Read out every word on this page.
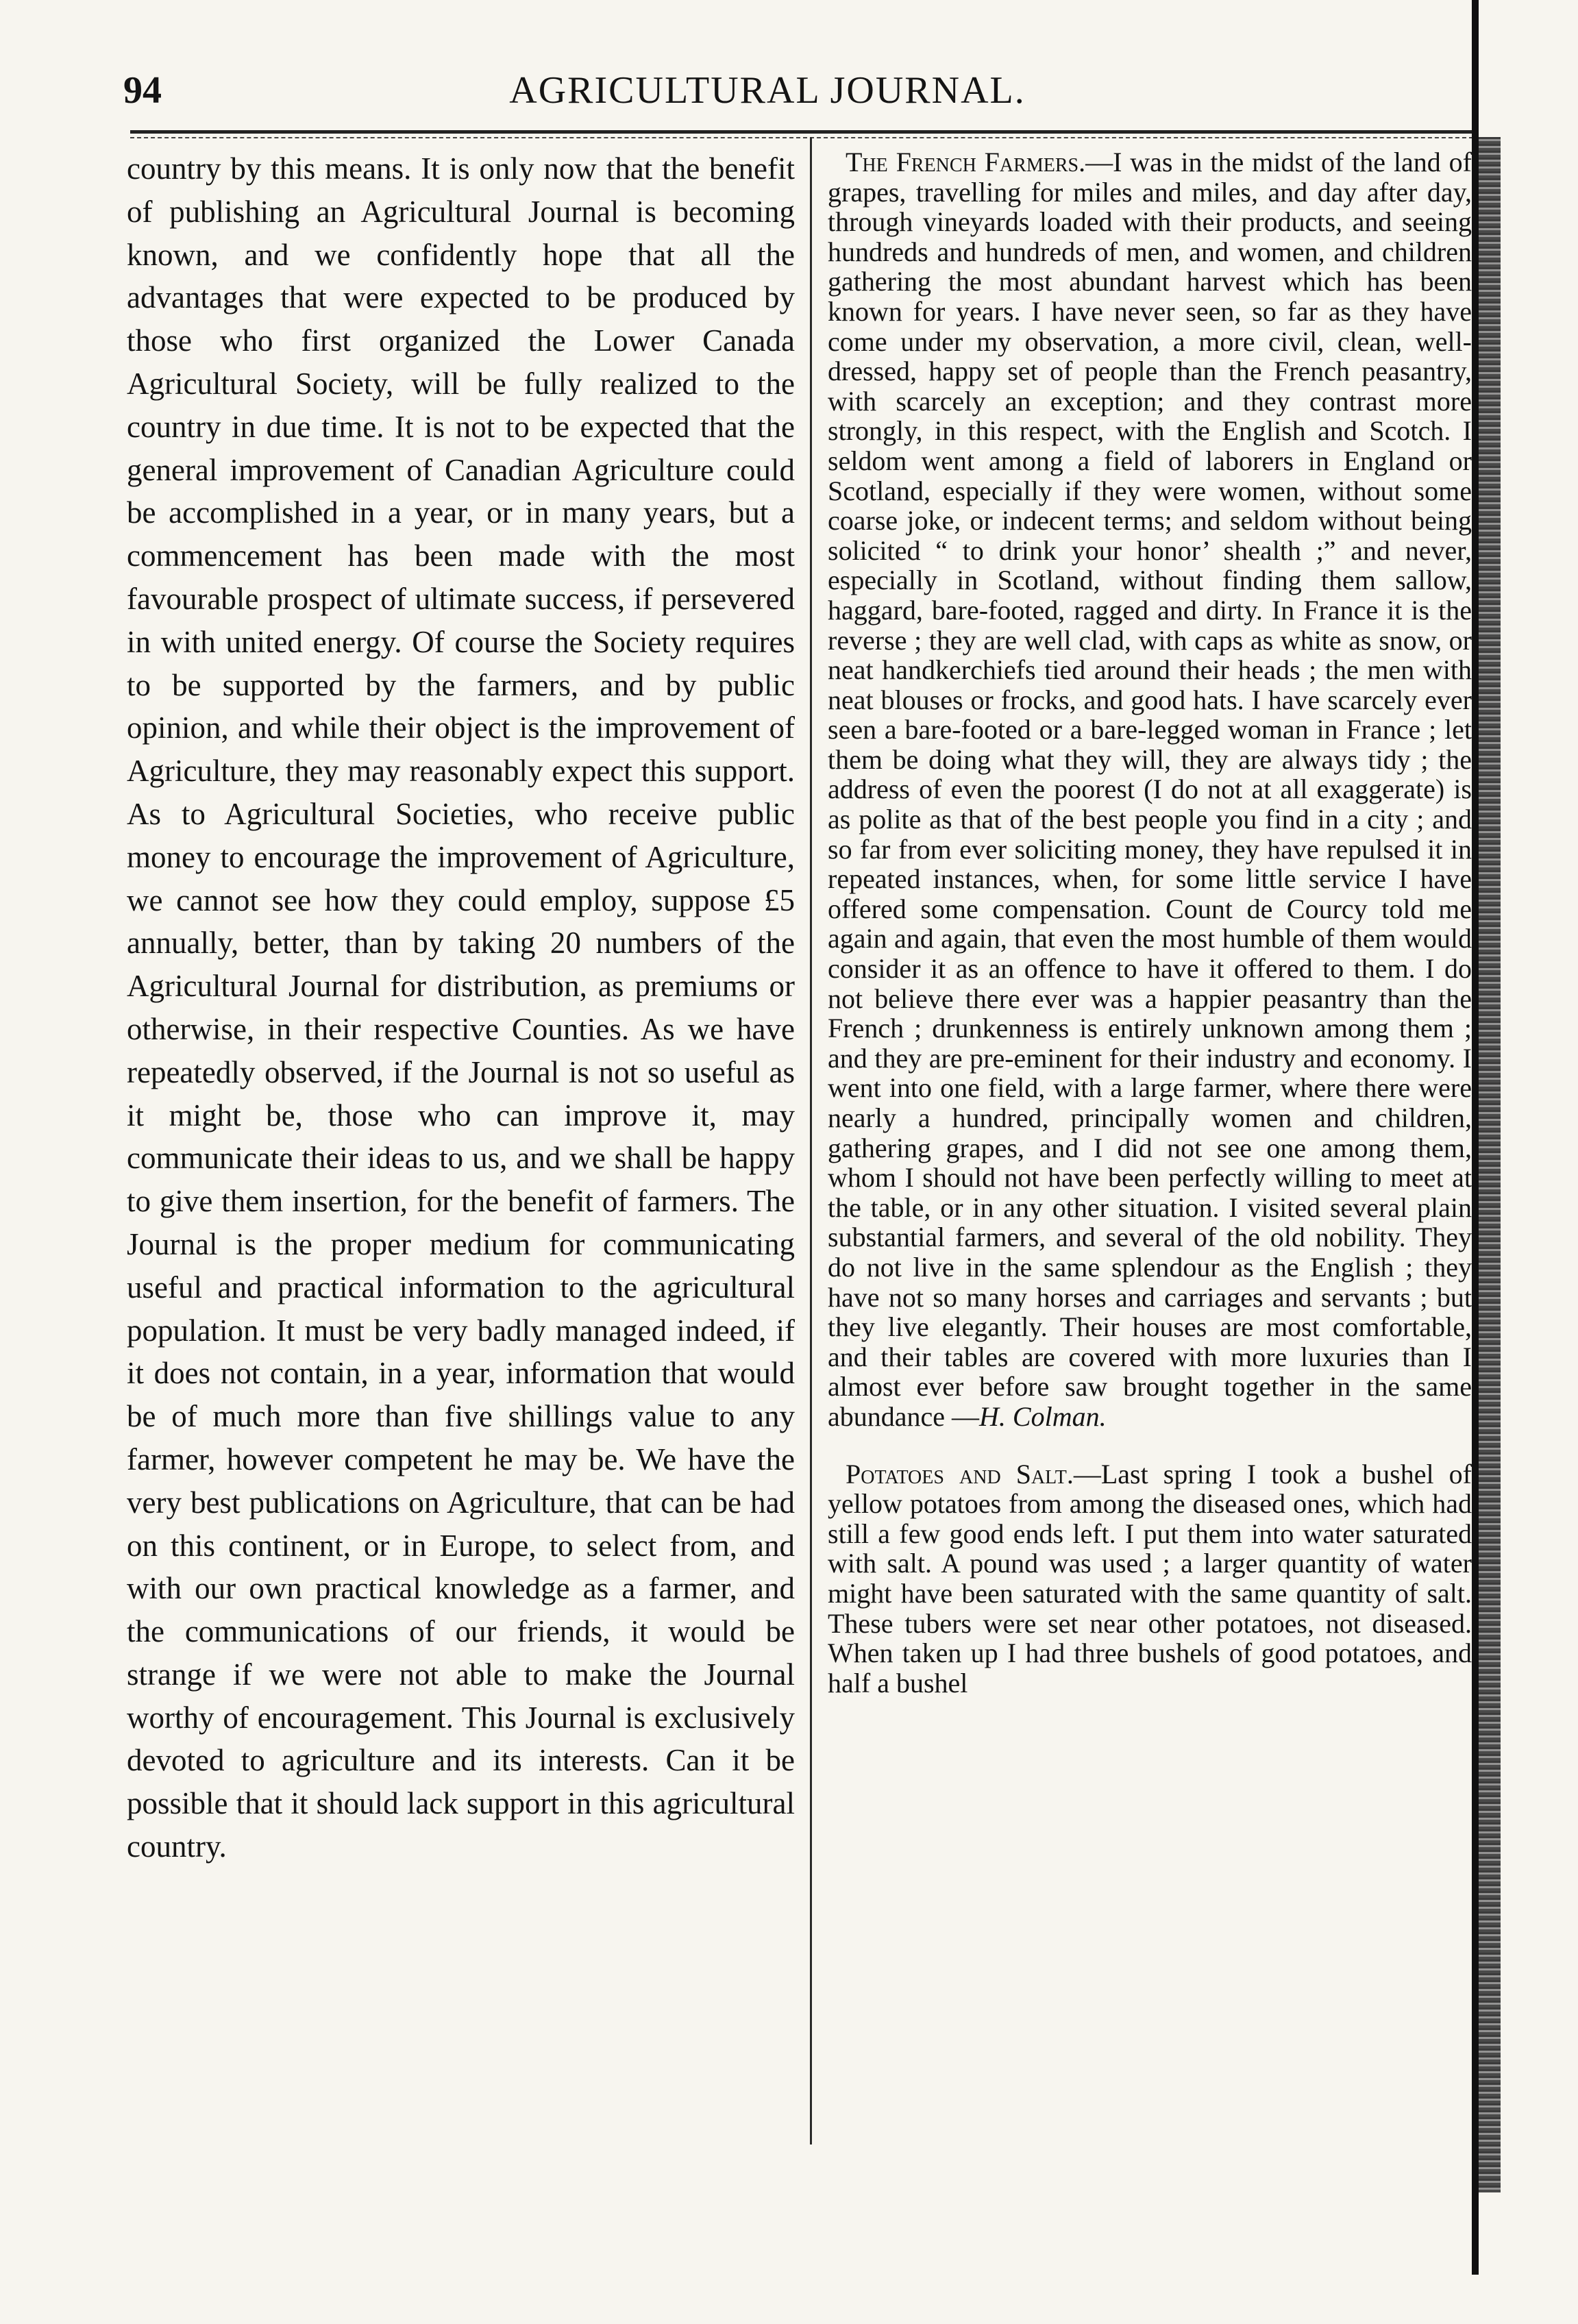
94	AGRICULTURAL JOURNAL.

country by this means. It is only now that the benefit of publishing an Agricultural Journal is becoming known, and we confidently hope that all the advantages that were expected to be produced by those who first organized the Lower Canada Agricultural Society, will be fully realized to the country in due time. It is not to be expected that the general improvement of Canadian Agriculture could be accomplished in a year, or in many years, but a commencement has been made with the most favourable prospect of ultimate success, if persevered in with united energy. Of course the Society requires to be supported by the farmers, and by public opinion, and while their object is the improvement of Agriculture, they may reasonably expect this support. As to Agricultural Societies, who receive public money to encourage the improvement of Agriculture, we cannot see how they could employ, suppose £5 annually, better, than by taking 20 numbers of the Agricultural Journal for distribution, as premiums or otherwise, in their respective Counties. As we have repeatedly observed, if the Journal is not so useful as it might be, those who can improve it, may communicate their ideas to us, and we shall be happy to give them insertion, for the benefit of farmers. The Journal is the proper medium for communicating useful and practical information to the agricultural population. It must be very badly managed indeed, if it does not contain, in a year, information that would be of much more than five shillings value to any farmer, however competent he may be. We have the very best publications on Agriculture, that can be had on this continent, or in Europe, to select from, and with our own practical knowledge as a farmer, and the communications of our friends, it would be strange if we were not able to make the Journal worthy of encouragement. This Journal is exclusively devoted to agriculture and its interests. Can it be possible that it should lack support in this agricultural country.

The French Farmers.—I was in the midst of the land of grapes, travelling for miles and miles, and day after day, through vineyards loaded with their products, and seeing hundreds and hundreds of men, and women, and children gathering the most abundant harvest which has been known for years. I have never seen, so far as they have come under my observation, a more civil, clean, well-dressed, happy set of people than the French peasantry, with scarcely an exception; and they contrast more strongly, in this respect, with the English and Scotch. I seldom went among a field of laborers in England or Scotland, especially if they were women, without some coarse joke, or indecent terms; and seldom without being solicited “ to drink your honor’ shealth ;” and never, especially in Scotland, without finding them sallow, haggard, bare-footed, ragged and dirty. In France it is the reverse ; they are well clad, with caps as white as snow, or neat handkerchiefs tied around their heads ; the men with neat blouses or frocks, and good hats. I have scarcely ever seen a bare-footed or a bare-legged woman in France ; let them be doing what they will, they are always tidy ; the address of even the poorest (I do not at all exaggerate) is as polite as that of the best people you find in a city ; and so far from ever soliciting money, they have repulsed it in repeated instances, when, for some little service I have offered some compensation. Count de Courcy told me again and again, that even the most humble of them would consider it as an offence to have it offered to them. I do not believe there ever was a happier peasantry than the French ; drunkenness is entirely unknown among them ; and they are pre-eminent for their industry and economy. I went into one field, with a large farmer, where there were nearly a hundred, principally women and children, gathering grapes, and I did not see one among them, whom I should not have been perfectly willing to meet at the table, or in any other situation. I visited several plain substantial farmers, and several of the old nobility. They do not live in the same splendour as the English ; they have not so many horses and carriages and servants ; but they live elegantly. Their houses are most comfortable, and their tables are covered with more luxuries than I almost ever before saw brought together in the same abundance —H. Colman.

Potatoes and Salt.—Last spring I took a bushel of yellow potatoes from among the diseased ones, which had still a few good ends left. I put them into water saturated with salt. A pound was used ; a larger quantity of water might have been saturated with the same quantity of salt. These tubers were set near other potatoes, not diseased. When taken up I had three bushels of good potatoes, and half a bushel
